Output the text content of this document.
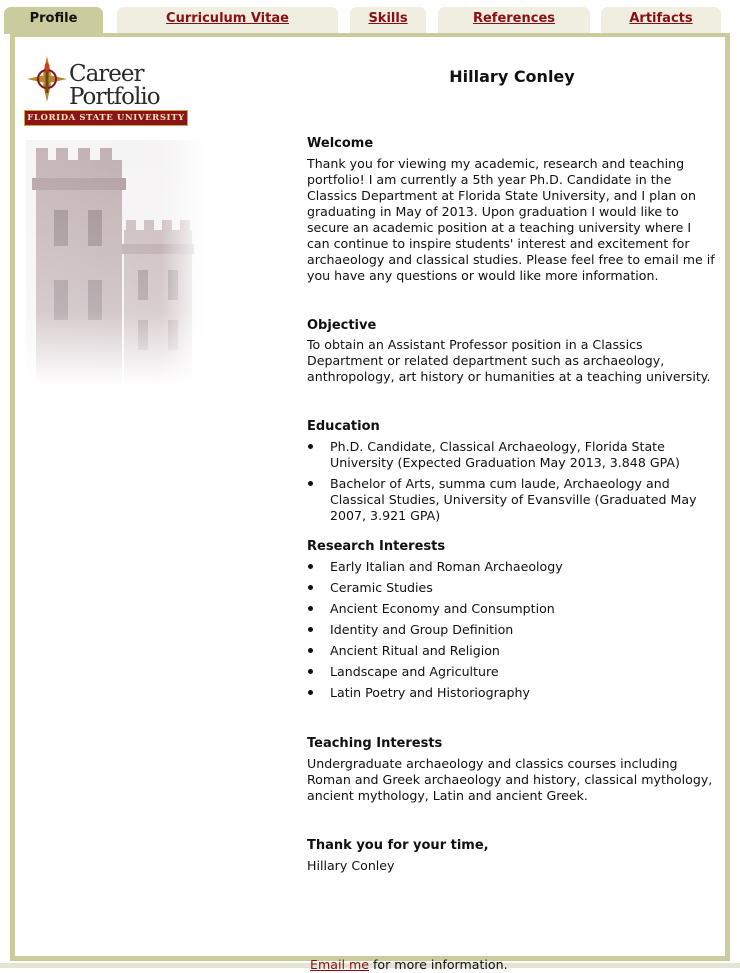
Profile	Curriculum Vitae	Skills	References	Artifacts
Career
Portfolio
FLORIDA STATE UNIVERSITY
Hillary Conley
Welcome

Thank you for viewing my academic, research and teaching portfolio! I am currently a 5th year Ph.D. Candidate in the Classics Department at Florida State University, and I plan on graduating in May of 2013. Upon graduation I would like to secure an academic position at a teaching university where I can continue to inspire students' interest and excitement for archaeology and classical studies. Please feel free to email me if you have any questions or would like more information.

Objective

To obtain an Assistant Professor position in a Classics Department or related department such as archaeology, anthropology, art history or humanities at a teaching university.

Education
Ph.D. Candidate, Classical Archaeology, Florida State University (Expected Graduation May 2013, 3.848 GPA)
Bachelor of Arts, summa cum laude, Archaeology and Classical Studies, University of Evansville (Graduated May 2007, 3.921 GPA)
Research Interests
Early Italian and Roman Archaeology
Ceramic Studies
Ancient Economy and Consumption
Identity and Group Definition
Ancient Ritual and Religion
Landscape and Agriculture
Latin Poetry and Historiography
Teaching Interests

Undergraduate archaeology and classics courses including Roman and Greek archaeology and history, classical mythology, ancient mythology, Latin and ancient Greek.

Thank you for your time,

Hillary Conley

Email me for more information.
